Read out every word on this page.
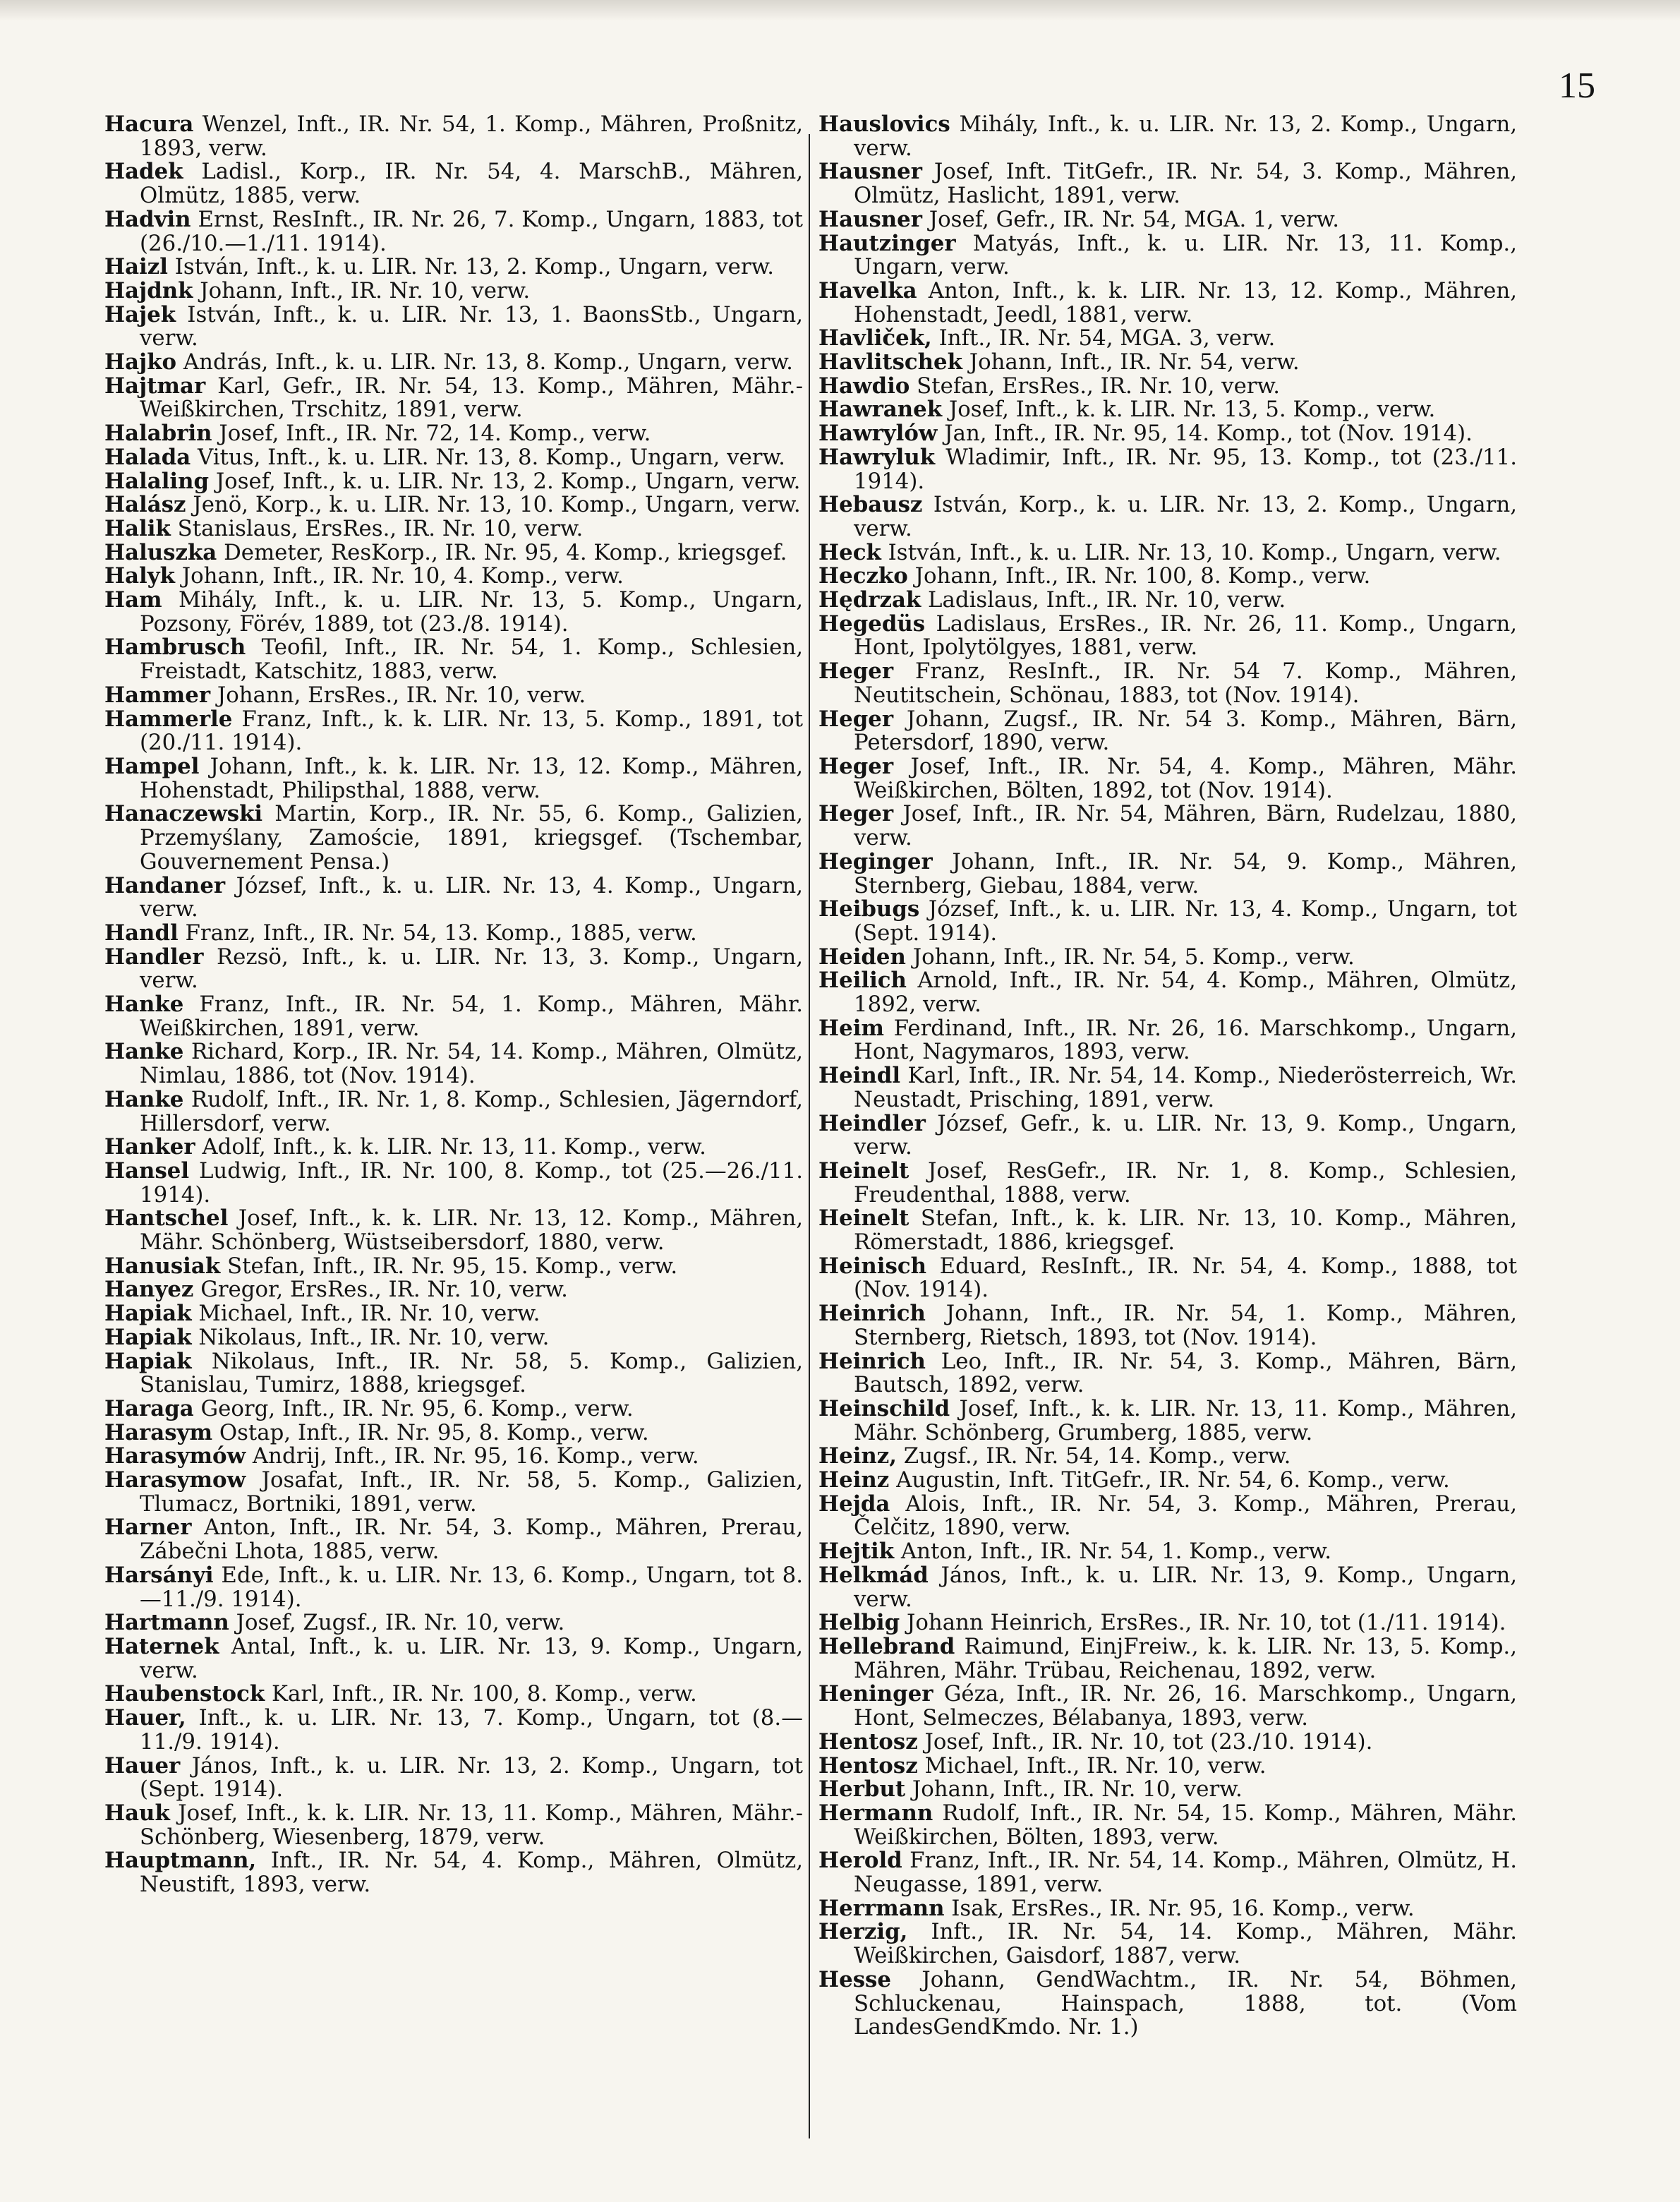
15

Hacura Wenzel, Inft., IR. Nr. 54, 1. Komp., Mähren, Proßnitz, 1893, verw.

Hadek Ladisl., Korp., IR. Nr. 54, 4. MarschB., Mähren, Olmütz, 1885, verw.

Hadvin Ernst, ResInft., IR. Nr. 26, 7. Komp., Ungarn, 1883, tot (26./10.—1./11. 1914).

Haizl István, Inft., k. u. LIR. Nr. 13, 2. Komp., Ungarn, verw.

Hajdnk Johann, Inft., IR. Nr. 10, verw.

Hajek István, Inft., k. u. LIR. Nr. 13, 1. BaonsStb., Ungarn, verw.

Hajko András, Inft., k. u. LIR. Nr. 13, 8. Komp., Ungarn, verw.

Hajtmar Karl, Gefr., IR. Nr. 54, 13. Komp., Mähren, Mähr.-Weißkirchen, Trschitz, 1891, verw.

Halabrin Josef, Inft., IR. Nr. 72, 14. Komp., verw.

Halada Vitus, Inft., k. u. LIR. Nr. 13, 8. Komp., Ungarn, verw.

Halaling Josef, Inft., k. u. LIR. Nr. 13, 2. Komp., Ungarn, verw.

Halász Jenö, Korp., k. u. LIR. Nr. 13, 10. Komp., Ungarn, verw.

Halik Stanislaus, ErsRes., IR. Nr. 10, verw.

Haluszka Demeter, ResKorp., IR. Nr. 95, 4. Komp., kriegsgef.

Halyk Johann, Inft., IR. Nr. 10, 4. Komp., verw.

Ham Mihály, Inft., k. u. LIR. Nr. 13, 5. Komp., Ungarn, Pozsony, Förév, 1889, tot (23./8. 1914).

Hambrusch Teofil, Inft., IR. Nr. 54, 1. Komp., Schlesien, Freistadt, Katschitz, 1883, verw.

Hammer Johann, ErsRes., IR. Nr. 10, verw.

Hammerle Franz, Inft., k. k. LIR. Nr. 13, 5. Komp., 1891, tot (20./11. 1914).

Hampel Johann, Inft., k. k. LIR. Nr. 13, 12. Komp., Mähren, Hohenstadt, Philipsthal, 1888, verw.

Hanaczewski Martin, Korp., IR. Nr. 55, 6. Komp., Galizien, Przemyślany, Zamoście, 1891, kriegsgef. (Tschembar, Gouvernement Pensa.)

Handaner József, Inft., k. u. LIR. Nr. 13, 4. Komp., Ungarn, verw.

Handl Franz, Inft., IR. Nr. 54, 13. Komp., 1885, verw.

Handler Rezsö, Inft., k. u. LIR. Nr. 13, 3. Komp., Ungarn, verw.

Hanke Franz, Inft., IR. Nr. 54, 1. Komp., Mähren, Mähr. Weißkirchen, 1891, verw.

Hanke Richard, Korp., IR. Nr. 54, 14. Komp., Mähren, Olmütz, Nimlau, 1886, tot (Nov. 1914).

Hanke Rudolf, Inft., IR. Nr. 1, 8. Komp., Schlesien, Jägerndorf, Hillersdorf, verw.

Hanker Adolf, Inft., k. k. LIR. Nr. 13, 11. Komp., verw.

Hansel Ludwig, Inft., IR. Nr. 100, 8. Komp., tot (25.—26./11. 1914).

Hantschel Josef, Inft., k. k. LIR. Nr. 13, 12. Komp., Mähren, Mähr. Schönberg, Wüstseibersdorf, 1880, verw.

Hanusiak Stefan, Inft., IR. Nr. 95, 15. Komp., verw.

Hanyez Gregor, ErsRes., IR. Nr. 10, verw.

Hapiak Michael, Inft., IR. Nr. 10, verw.

Hapiak Nikolaus, Inft., IR. Nr. 10, verw.

Hapiak Nikolaus, Inft., IR. Nr. 58, 5. Komp., Galizien, Stanislau, Tumirz, 1888, kriegsgef.

Haraga Georg, Inft., IR. Nr. 95, 6. Komp., verw.

Harasym Ostap, Inft., IR. Nr. 95, 8. Komp., verw.

Harasymów Andrij, Inft., IR. Nr. 95, 16. Komp., verw.

Harasymow Josafat, Inft., IR. Nr. 58, 5. Komp., Galizien, Tlumacz, Bortniki, 1891, verw.

Harner Anton, Inft., IR. Nr. 54, 3. Komp., Mähren, Prerau, Zábečni Lhota, 1885, verw.

Harsányi Ede, Inft., k. u. LIR. Nr. 13, 6. Komp., Ungarn, tot 8.—11./9. 1914).

Hartmann Josef, Zugsf., IR. Nr. 10, verw.

Haternek Antal, Inft., k. u. LIR. Nr. 13, 9. Komp., Ungarn, verw.

Haubenstock Karl, Inft., IR. Nr. 100, 8. Komp., verw.

Hauer, Inft., k. u. LIR. Nr. 13, 7. Komp., Ungarn, tot (8.—11./9. 1914).

Hauer János, Inft., k. u. LIR. Nr. 13, 2. Komp., Ungarn, tot (Sept. 1914).

Hauk Josef, Inft., k. k. LIR. Nr. 13, 11. Komp., Mähren, Mähr.-Schönberg, Wiesenberg, 1879, verw.

Hauptmann, Inft., IR. Nr. 54, 4. Komp., Mähren, Olmütz, Neustift, 1893, verw.

Hauslovics Mihály, Inft., k. u. LIR. Nr. 13, 2. Komp., Ungarn, verw.

Hausner Josef, Inft. TitGefr., IR. Nr. 54, 3. Komp., Mähren, Olmütz, Haslicht, 1891, verw.

Hausner Josef, Gefr., IR. Nr. 54, MGA. 1, verw.

Hautzinger Matyás, Inft., k. u. LIR. Nr. 13, 11. Komp., Ungarn, verw.

Havelka Anton, Inft., k. k. LIR. Nr. 13, 12. Komp., Mähren, Hohenstadt, Jeedl, 1881, verw.

Havliček, Inft., IR. Nr. 54, MGA. 3, verw.

Havlitschek Johann, Inft., IR. Nr. 54, verw.

Hawdio Stefan, ErsRes., IR. Nr. 10, verw.

Hawranek Josef, Inft., k. k. LIR. Nr. 13, 5. Komp., verw.

Hawrylów Jan, Inft., IR. Nr. 95, 14. Komp., tot (Nov. 1914).

Hawryluk Wladimir, Inft., IR. Nr. 95, 13. Komp., tot (23./11. 1914).

Hebausz István, Korp., k. u. LIR. Nr. 13, 2. Komp., Ungarn, verw.

Heck István, Inft., k. u. LIR. Nr. 13, 10. Komp., Ungarn, verw.

Heczko Johann, Inft., IR. Nr. 100, 8. Komp., verw.

Hędrzak Ladislaus, Inft., IR. Nr. 10, verw.

Hegedüs Ladislaus, ErsRes., IR. Nr. 26, 11. Komp., Ungarn, Hont, Ipolytölgyes, 1881, verw.

Heger Franz, ResInft., IR. Nr. 54 7. Komp., Mähren, Neutitschein, Schönau, 1883, tot (Nov. 1914).

Heger Johann, Zugsf., IR. Nr. 54 3. Komp., Mähren, Bärn, Petersdorf, 1890, verw.

Heger Josef, Inft., IR. Nr. 54, 4. Komp., Mähren, Mähr. Weißkirchen, Bölten, 1892, tot (Nov. 1914).

Heger Josef, Inft., IR. Nr. 54, Mähren, Bärn, Rudelzau, 1880, verw.

Heginger Johann, Inft., IR. Nr. 54, 9. Komp., Mähren, Sternberg, Giebau, 1884, verw.

Heibugs József, Inft., k. u. LIR. Nr. 13, 4. Komp., Ungarn, tot (Sept. 1914).

Heiden Johann, Inft., IR. Nr. 54, 5. Komp., verw.

Heilich Arnold, Inft., IR. Nr. 54, 4. Komp., Mähren, Olmütz, 1892, verw.

Heim Ferdinand, Inft., IR. Nr. 26, 16. Marschkomp., Ungarn, Hont, Nagymaros, 1893, verw.

Heindl Karl, Inft., IR. Nr. 54, 14. Komp., Niederösterreich, Wr. Neustadt, Prisching, 1891, verw.

Heindler József, Gefr., k. u. LIR. Nr. 13, 9. Komp., Ungarn, verw.

Heinelt Josef, ResGefr., IR. Nr. 1, 8. Komp., Schlesien, Freudenthal, 1888, verw.

Heinelt Stefan, Inft., k. k. LIR. Nr. 13, 10. Komp., Mähren, Römerstadt, 1886, kriegsgef.

Heinisch Eduard, ResInft., IR. Nr. 54, 4. Komp., 1888, tot (Nov. 1914).

Heinrich Johann, Inft., IR. Nr. 54, 1. Komp., Mähren, Sternberg, Rietsch, 1893, tot (Nov. 1914).

Heinrich Leo, Inft., IR. Nr. 54, 3. Komp., Mähren, Bärn, Bautsch, 1892, verw.

Heinschild Josef, Inft., k. k. LIR. Nr. 13, 11. Komp., Mähren, Mähr. Schönberg, Grumberg, 1885, verw.

Heinz, Zugsf., IR. Nr. 54, 14. Komp., verw.

Heinz Augustin, Inft. TitGefr., IR. Nr. 54, 6. Komp., verw.

Hejda Alois, Inft., IR. Nr. 54, 3. Komp., Mähren, Prerau, Čelčitz, 1890, verw.

Hejtik Anton, Inft., IR. Nr. 54, 1. Komp., verw.

Helkmád János, Inft., k. u. LIR. Nr. 13, 9. Komp., Ungarn, verw.

Helbig Johann Heinrich, ErsRes., IR. Nr. 10, tot (1./11. 1914).

Hellebrand Raimund, EinjFreiw., k. k. LIR. Nr. 13, 5. Komp., Mähren, Mähr. Trübau, Reichenau, 1892, verw.

Heninger Géza, Inft., IR. Nr. 26, 16. Marschkomp., Ungarn, Hont, Selmeczes, Bélabanya, 1893, verw.

Hentosz Josef, Inft., IR. Nr. 10, tot (23./10. 1914).

Hentosz Michael, Inft., IR. Nr. 10, verw.

Herbut Johann, Inft., IR. Nr. 10, verw.

Hermann Rudolf, Inft., IR. Nr. 54, 15. Komp., Mähren, Mähr. Weißkirchen, Bölten, 1893, verw.

Herold Franz, Inft., IR. Nr. 54, 14. Komp., Mähren, Olmütz, H. Neugasse, 1891, verw.

Herrmann Isak, ErsRes., IR. Nr. 95, 16. Komp., verw.

Herzig, Inft., IR. Nr. 54, 14. Komp., Mähren, Mähr. Weißkirchen, Gaisdorf, 1887, verw.

Hesse Johann, GendWachtm., IR. Nr. 54, Böhmen, Schluckenau, Hainspach, 1888, tot. (Vom LandesGendKmdo. Nr. 1.)
